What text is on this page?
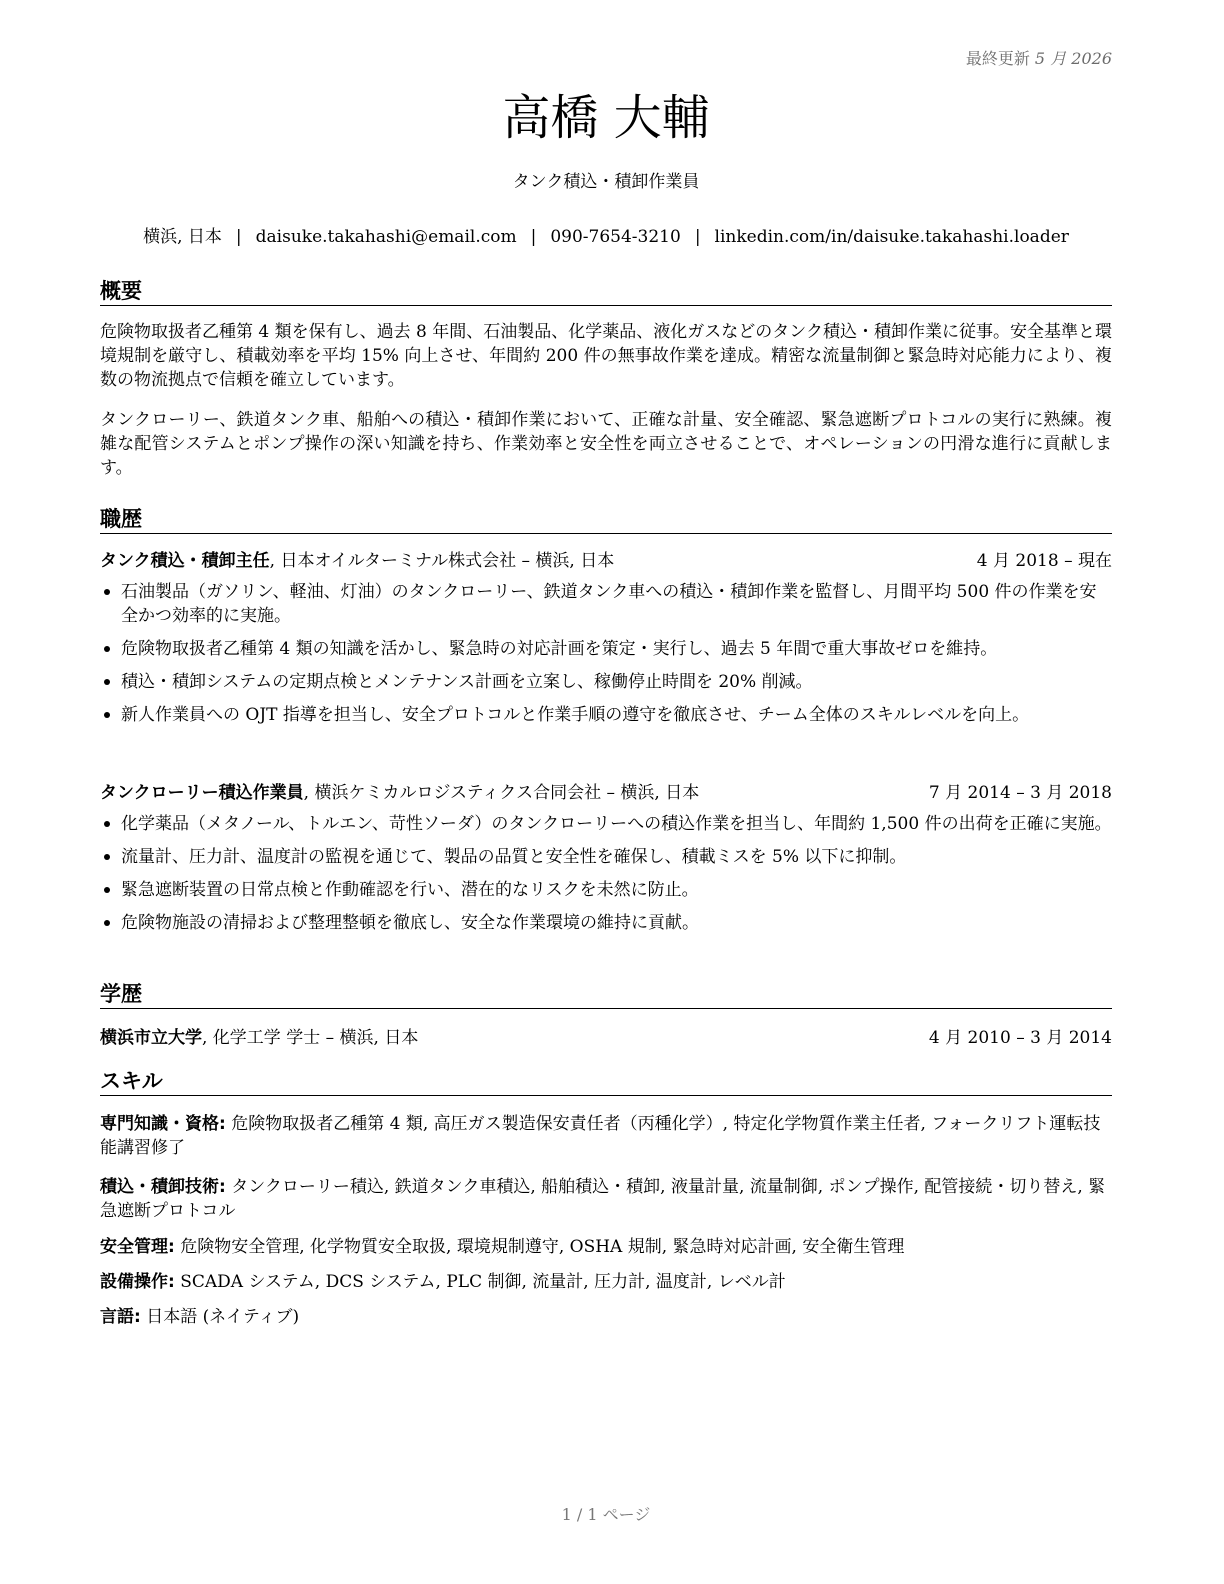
最終更新 5 月 2026
高橋 大輔
タンク積込・積卸作業員
横浜, 日本 | daisuke.takahashi@email.com | 090-7654-3210 | linkedin.com/in/daisuke.takahashi.loader
概要
危険物取扱者乙種第 4 類を保有し、過去 8 年間、石油製品、化学薬品、液化ガスなどのタンク積込・積卸作業に従事。安全基準と環境規制を厳守し、積載効率を平均 15% 向上させ、年間約 200 件の無事故作業を達成。精密な流量制御と緊急時対応能力により、複数の物流拠点で信頼を確立しています。
タンクローリー、鉄道タンク車、船舶への積込・積卸作業において、正確な計量、安全確認、緊急遮断プロトコルの実行に熟練。複雑な配管システムとポンプ操作の深い知識を持ち、作業効率と安全性を両立させることで、オペレーションの円滑な進行に貢献します。
職歴
タンク積込・積卸主任, 日本オイルターミナル株式会社 – 横浜, 日本	4 月 2018 – 現在
石油製品（ガソリン、軽油、灯油）のタンクローリー、鉄道タンク車への積込・積卸作業を監督し、月間平均 500 件の作業を安全かつ効率的に実施。
危険物取扱者乙種第 4 類の知識を活かし、緊急時の対応計画を策定・実行し、過去 5 年間で重大事故ゼロを維持。
積込・積卸システムの定期点検とメンテナンス計画を立案し、稼働停止時間を 20% 削減。
新人作業員への OJT 指導を担当し、安全プロトコルと作業手順の遵守を徹底させ、チーム全体のスキルレベルを向上。
タンクローリー積込作業員, 横浜ケミカルロジスティクス合同会社 – 横浜, 日本	7 月 2014 – 3 月 2018
化学薬品（メタノール、トルエン、苛性ソーダ）のタンクローリーへの積込作業を担当し、年間約 1,500 件の出荷を正確に実施。
流量計、圧力計、温度計の監視を通じて、製品の品質と安全性を確保し、積載ミスを 5% 以下に抑制。
緊急遮断装置の日常点検と作動確認を行い、潜在的なリスクを未然に防止。
危険物施設の清掃および整理整頓を徹底し、安全な作業環境の維持に貢献。
学歴
横浜市立大学, 化学工学 学士 – 横浜, 日本	4 月 2010 – 3 月 2014
スキル
専門知識・資格: 危険物取扱者乙種第 4 類, 高圧ガス製造保安責任者（丙種化学）, 特定化学物質作業主任者, フォークリフト運転技能講習修了
積込・積卸技術: タンクローリー積込, 鉄道タンク車積込, 船舶積込・積卸, 液量計量, 流量制御, ポンプ操作, 配管接続・切り替え, 緊急遮断プロトコル
安全管理: 危険物安全管理, 化学物質安全取扱, 環境規制遵守, OSHA 規制, 緊急時対応計画, 安全衛生管理
設備操作: SCADA システム, DCS システム, PLC 制御, 流量計, 圧力計, 温度計, レベル計
言語: 日本語 (ネイティブ)
1 / 1 ページ
